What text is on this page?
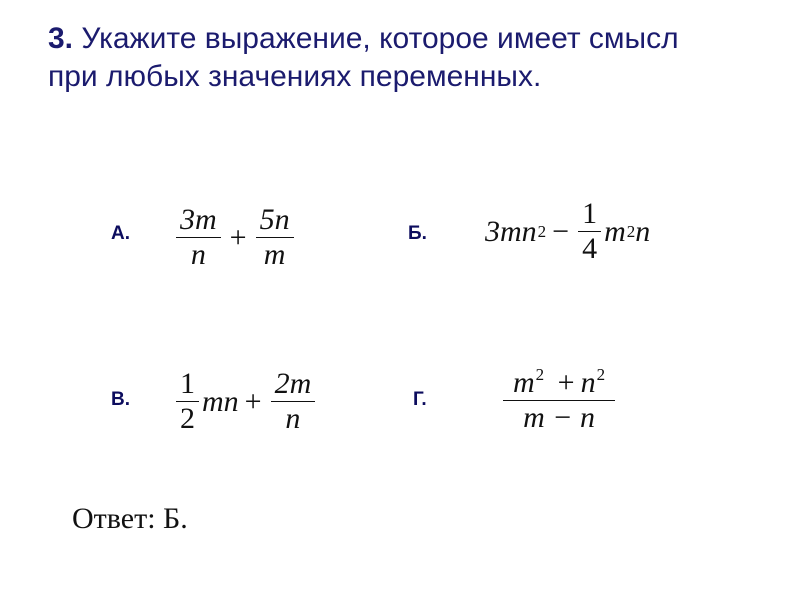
3. Укажите выражение, которое имеет смысл
при любых значениях переменных.
А. $\frac{3m}{n} + \frac{5n}{m}$	Б. 3mn $2 - \frac{1}{4}$ m 2 n
В. $\frac{1}{2}$ mn + $\frac{2m}{n}$	Г.	$\frac{m^2 + n^2}{m - n}$
Ответ: Б.
